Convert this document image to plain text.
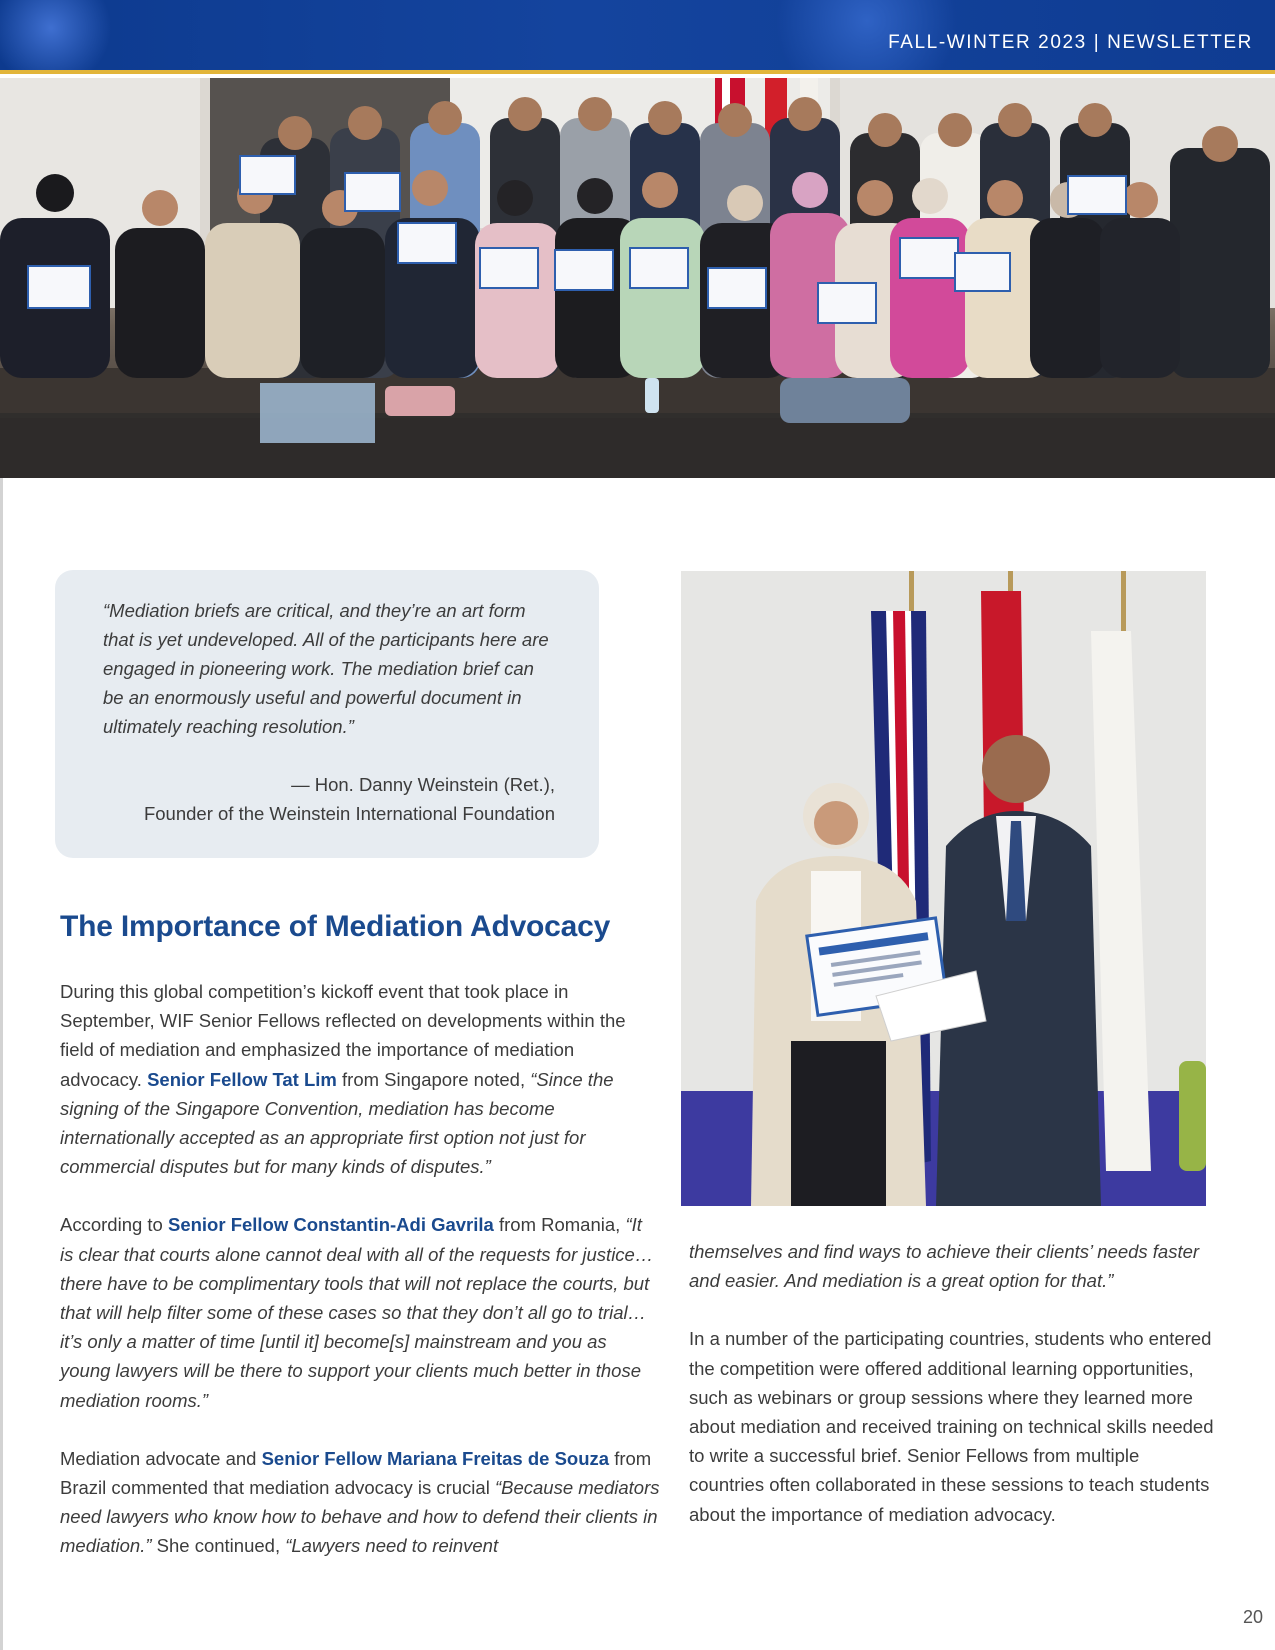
FALL-WINTER 2023 | NEWSLETTER

“Mediation briefs are critical, and they’re an art form that is yet undeveloped. All of the participants here are engaged in pioneering work. The mediation brief can be an enormously useful and powerful document in ultimately reaching resolution.”

— Hon. Danny Weinstein (Ret.),
Founder of the Weinstein International Foundation
The Importance of Mediation Advocacy

During this global competition’s kickoff event that took place in September, WIF Senior Fellows reflected on developments within the field of mediation and emphasized the importance of mediation advocacy. Senior Fellow Tat Lim from Singapore noted, “Since the signing of the Singapore Convention, mediation has become internationally accepted as an appropriate first option not just for commercial disputes but for many kinds of disputes.”

According to Senior Fellow Constantin-Adi Gavrila from Romania, “It is clear that courts alone cannot deal with all of the requests for justice…there have to be complimentary tools that will not replace the courts, but that will help filter some of these cases so that they don’t all go to trial…it’s only a matter of time [until it] become[s] mainstream and you as young lawyers will be there to support your clients much better in those mediation rooms.”

Mediation advocate and Senior Fellow Mariana Freitas de Souza from Brazil commented that mediation advocacy is crucial “Because mediators need lawyers who know how to behave and how to defend their clients in mediation.” She continued, “Lawyers need to reinvent

themselves and find ways to achieve their clients’ needs faster and easier. And mediation is a great option for that.”

In a number of the participating countries, students who entered the competition were offered additional learning opportunities, such as webinars or group sessions where they learned more about mediation and received training on technical skills needed to write a successful brief. Senior Fellows from multiple countries often collaborated in these sessions to teach students about the importance of mediation advocacy.

20
